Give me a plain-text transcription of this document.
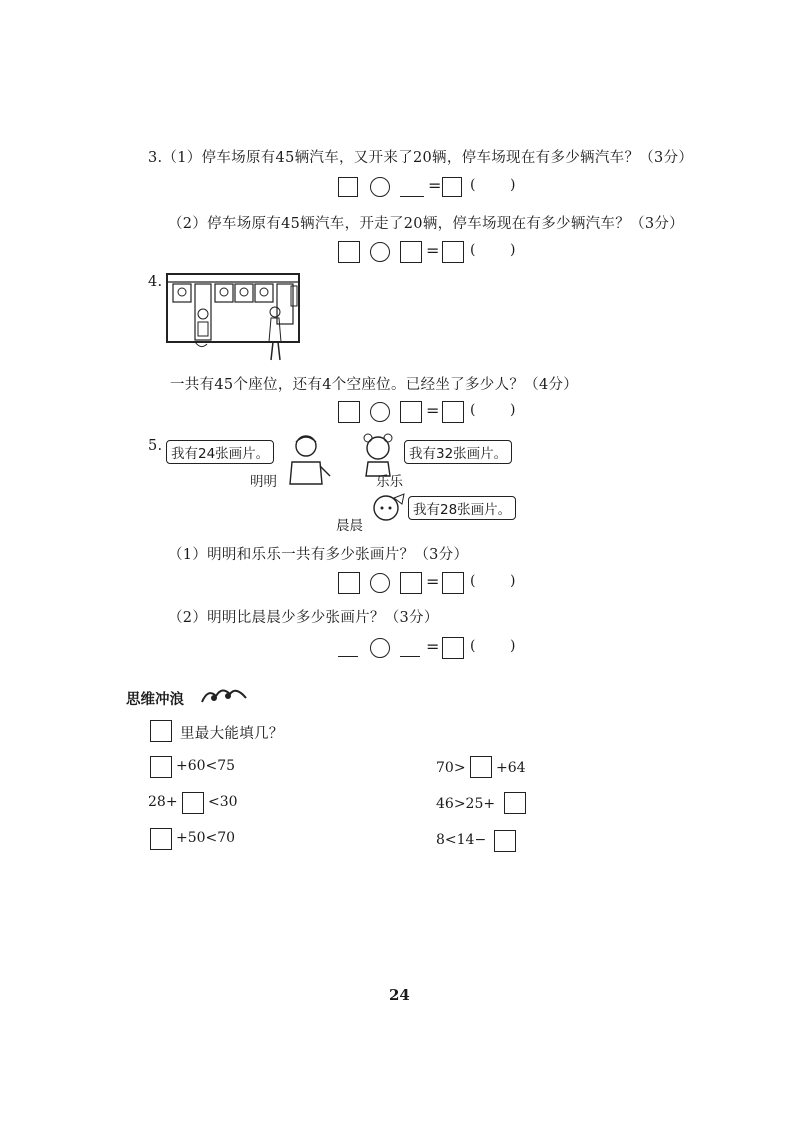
3.（1）停车场原有45辆汽车，又开来了20辆，停车场现在有多少辆汽车？（3分）
= ( )
（2）停车场原有45辆汽车，开走了20辆，停车场现在有多少辆汽车？（3分）
= ( )
4.
一共有45个座位，还有4个空座位。已经坐了多少人？（4分）
= ( )
5. 我有24张画片。
明明
我有32张画片。
乐乐
我有28张画片。
晨晨
（1）明明和乐乐一共有多少张画片？（3分）
= ( )
（2）明明比晨晨少多少张画片？（3分）
= ( )
思维冲浪
里最大能填几？
+60<75
28+ <30
+50<70
70> +64
46>25+
8<14−
24
